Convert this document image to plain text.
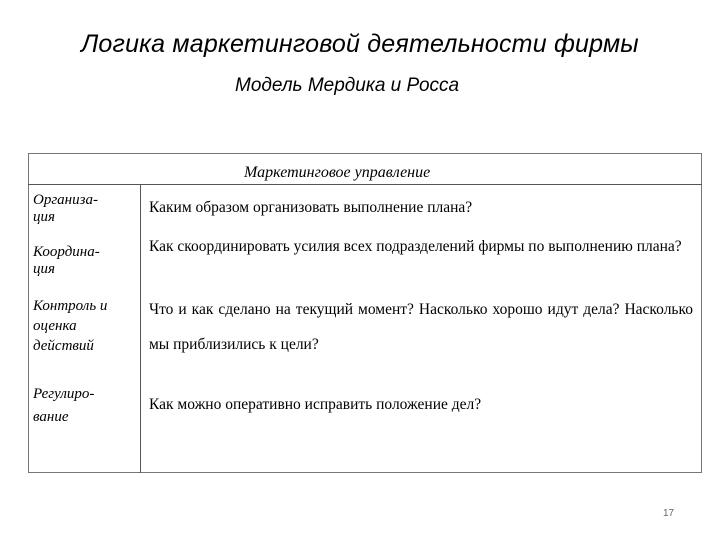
Логика маркетинговой деятельности фирмы
Модель Мердика и Росса
Маркетинговое управление
Организа-
ция
Каким образом организовать выполнение плана?
Координа-
ция
Как скоординировать усилия всех подразделений фирмы по выполнению плана?
Контроль и
оценка
действий
Что и как сделано на текущий момент? Насколько хорошо идут дела? Насколько мы приблизились к цели?
Регулиро-
вание
Как можно оперативно исправить положение дел?
17
